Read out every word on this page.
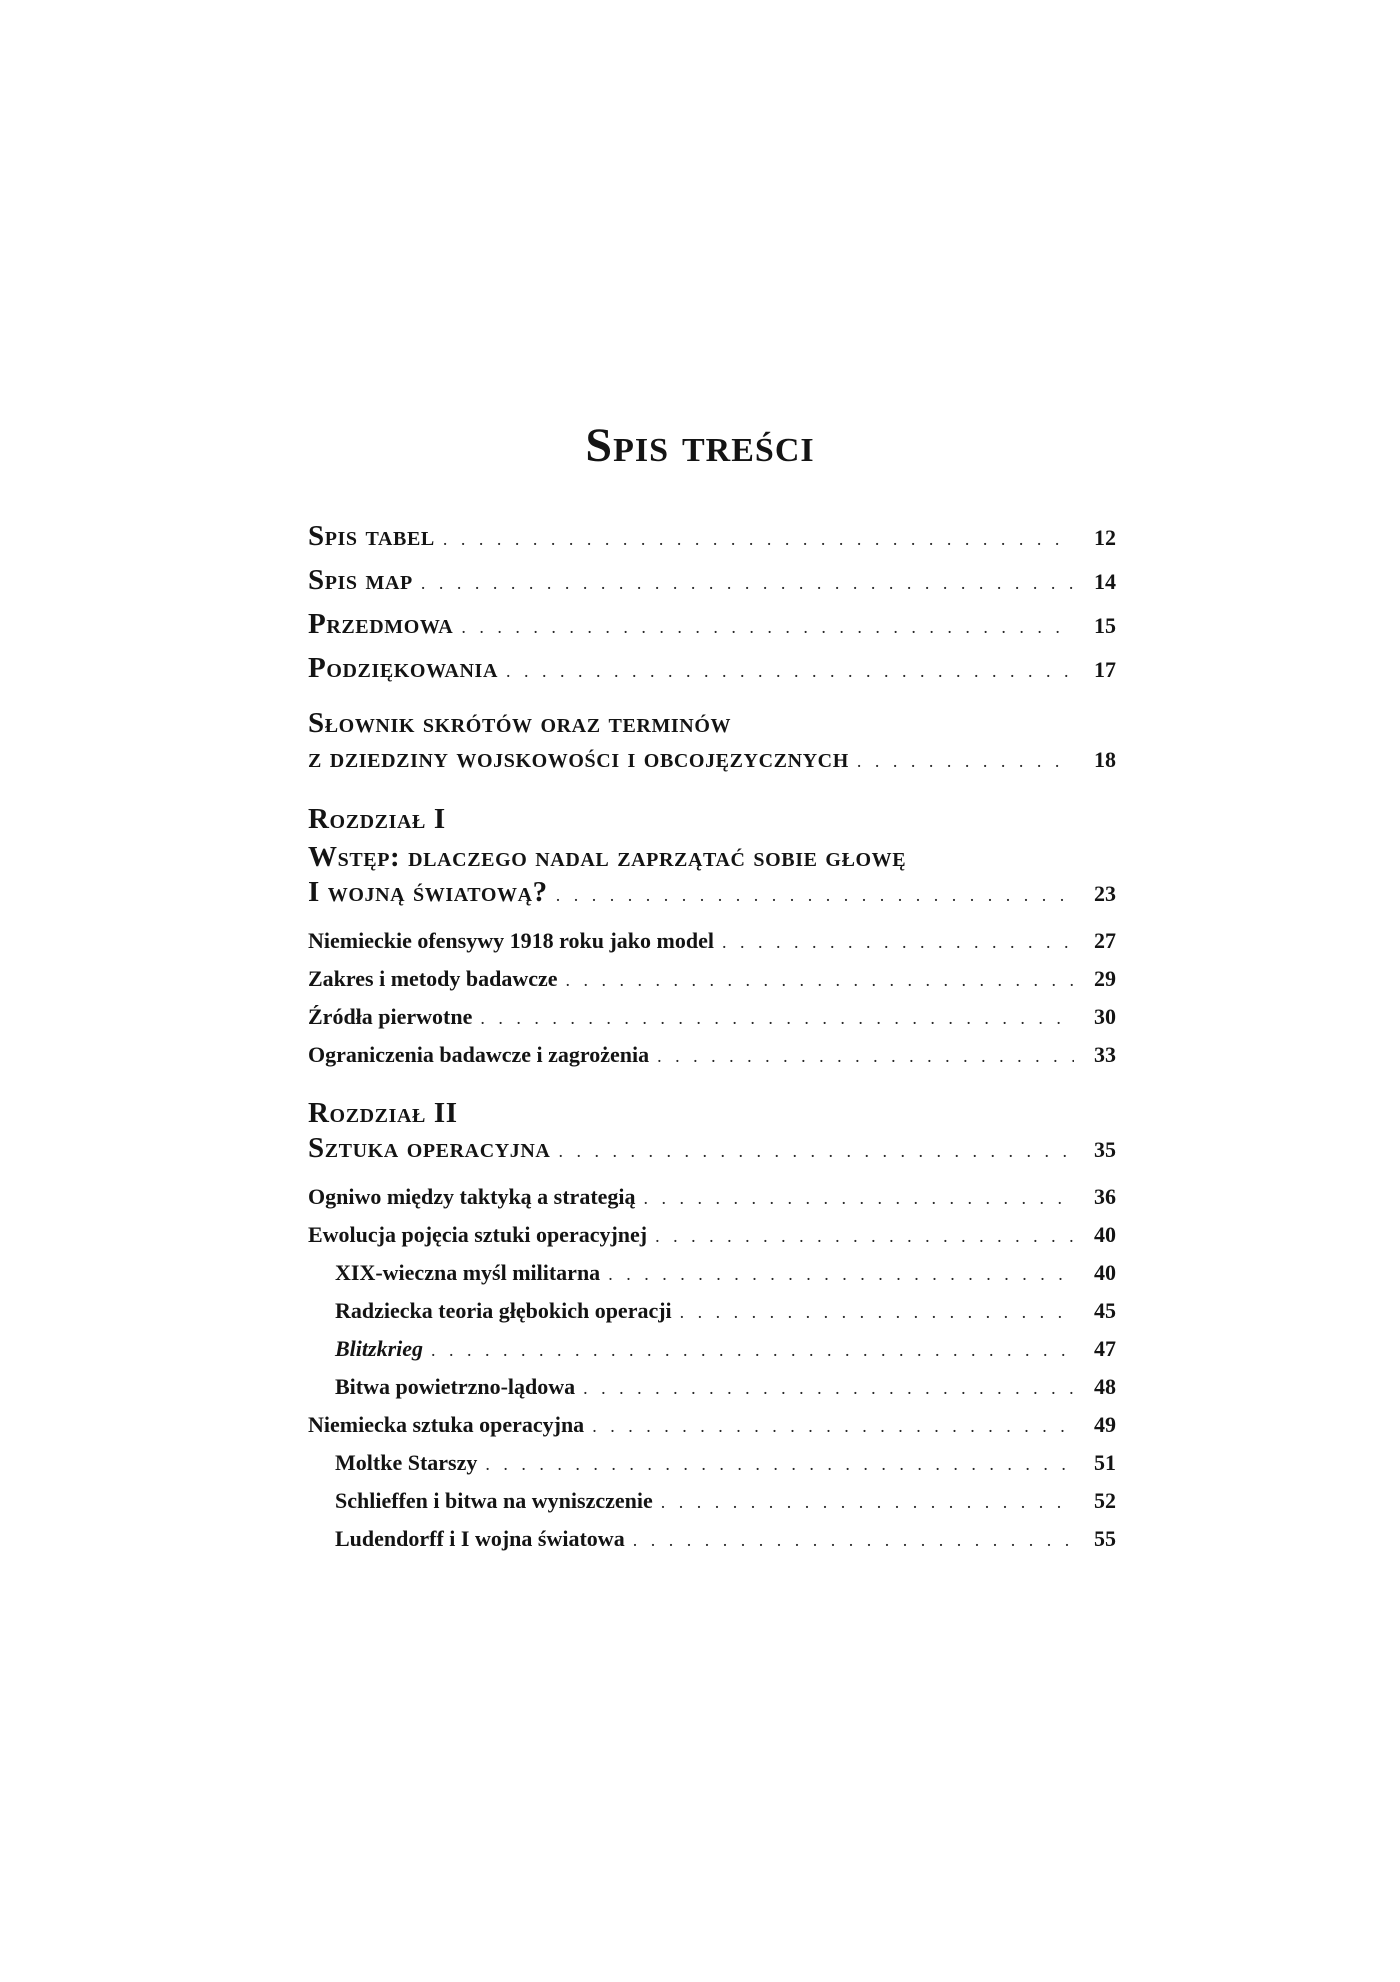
Spis treści
Spis tabel . . .	12
Spis map . . .	14
Przedmowa . . .	15
Podziękowania . . .	17
Słownik skrótów oraz terminów
z dziedziny wojskowości i obcojęzycznych . . .	18
Rozdział I
Wstęp: dlaczego nadal zaprzątać sobie głowę
I wojną światową? . . .	23
Niemieckie ofensywy 1918 roku jako model . . .	27
Zakres i metody badawcze . . .	29
Źródła pierwotne . . .	30
Ograniczenia badawcze i zagrożenia . . .	33
Rozdział II
Sztuka operacyjna . . .	35
Ogniwo między taktyką a strategią . . .	36
Ewolucja pojęcia sztuki operacyjnej . . .	40
XIX-wieczna myśl militarna . . .	40
Radziecka teoria głębokich operacji . . .	45
Blitzkrieg . . .	47
Bitwa powietrzno-lądowa . . .	48
Niemiecka sztuka operacyjna . . .	49
Moltke Starszy . . .	51
Schlieffen i bitwa na wyniszczenie . . .	52
Ludendorff i I wojna światowa . . .	55
